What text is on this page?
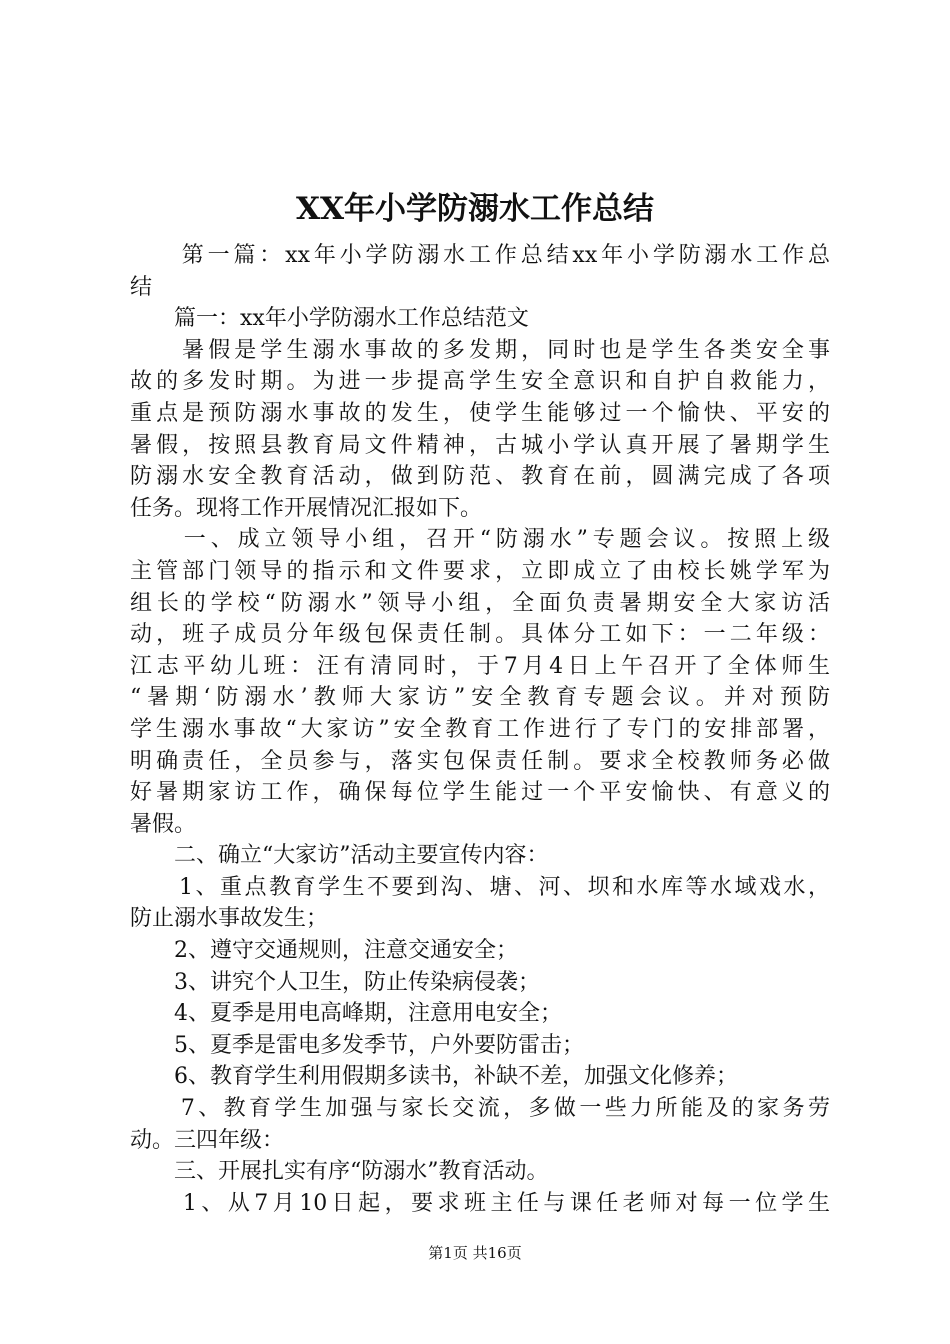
XX年小学防溺水工作总结
　　第一篇：xx年小学防溺水工作总结xx年小学防溺水工作总
结
　　篇一：xx年小学防溺水工作总结范文
　　暑假是学生溺水事故的多发期，同时也是学生各类安全事
故的多发时期。为进一步提高学生安全意识和自护自救能力，
重点是预防溺水事故的发生，使学生能够过一个愉快、平安的
暑假，按照县教育局文件精神，古城小学认真开展了暑期学生
防溺水安全教育活动，做到防范、教育在前，圆满完成了各项
任务。现将工作开展情况汇报如下。
　　一、成立领导小组，召开“防溺水”专题会议。按照上级
主管部门领导的指示和文件要求，立即成立了由校长姚学军为
组长的学校“防溺水”领导小组，全面负责暑期安全大家访活
动，班子成员分年级包保责任制。具体分工如下：一二年级：
江志平幼儿班：汪有清同时，于7月4日上午召开了全体师生
“暑期‘防溺水’教师大家访”安全教育专题会议。并对预防
学生溺水事故“大家访”安全教育工作进行了专门的安排部署，
明确责任，全员参与，落实包保责任制。要求全校教师务必做
好暑期家访工作，确保每位学生能过一个平安愉快、有意义的
暑假。
　　二、确立“大家访”活动主要宣传内容：
　　1、重点教育学生不要到沟、塘、河、坝和水库等水域戏水，
防止溺水事故发生；
　　2、遵守交通规则，注意交通安全；
　　3、讲究个人卫生，防止传染病侵袭；
　　4、夏季是用电高峰期，注意用电安全；
　　5、夏季是雷电多发季节，户外要防雷击；
　　6、教育学生利用假期多读书，补缺不差，加强文化修养；
　　7、教育学生加强与家长交流，多做一些力所能及的家务劳
动。三四年级：
　　三、开展扎实有序“防溺水”教育活动。
　　1、从7月10日起，要求班主任与课任老师对每一位学生
第1页 共16页
